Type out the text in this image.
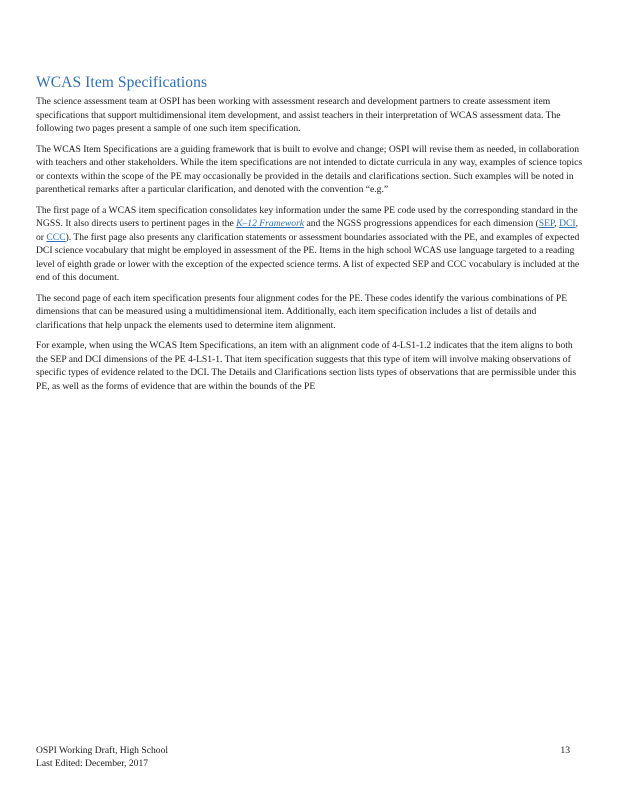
WCAS Item Specifications

The science assessment team at OSPI has been working with assessment research and development partners to create assessment item specifications that support multidimensional item development, and assist teachers in their interpretation of WCAS assessment data. The following two pages present a sample of one such item specification.

The WCAS Item Specifications are a guiding framework that is built to evolve and change; OSPI will revise them as needed, in collaboration with teachers and other stakeholders. While the item specifications are not intended to dictate curricula in any way, examples of science topics or contexts within the scope of the PE may occasionally be provided in the details and clarifications section. Such examples will be noted in parenthetical remarks after a particular clarification, and denoted with the convention “e.g.”

The first page of a WCAS item specification consolidates key information under the same PE code used by the corresponding standard in the NGSS. It also directs users to pertinent pages in the K–12 Framework and the NGSS progressions appendices for each dimension (SEP, DCI, or CCC). The first page also presents any clarification statements or assessment boundaries associated with the PE, and examples of expected DCI science vocabulary that might be employed in assessment of the PE. Items in the high school WCAS use language targeted to a reading level of eighth grade or lower with the exception of the expected science terms. A list of expected SEP and CCC vocabulary is included at the end of this document.

The second page of each item specification presents four alignment codes for the PE. These codes identify the various combinations of PE dimensions that can be measured using a multidimensional item. Additionally, each item specification includes a list of details and clarifications that help unpack the elements used to determine item alignment.

For example, when using the WCAS Item Specifications, an item with an alignment code of 4-LS1-1.2 indicates that the item aligns to both the SEP and DCI dimensions of the PE 4-LS1-1. That item specification suggests that this type of item will involve making observations of specific types of evidence related to the DCI. The Details and Clarifications section lists types of observations that are permissible under this PE, as well as the forms of evidence that are within the bounds of the PE

OSPI Working Draft, High School
Last Edited: December, 2017
13
